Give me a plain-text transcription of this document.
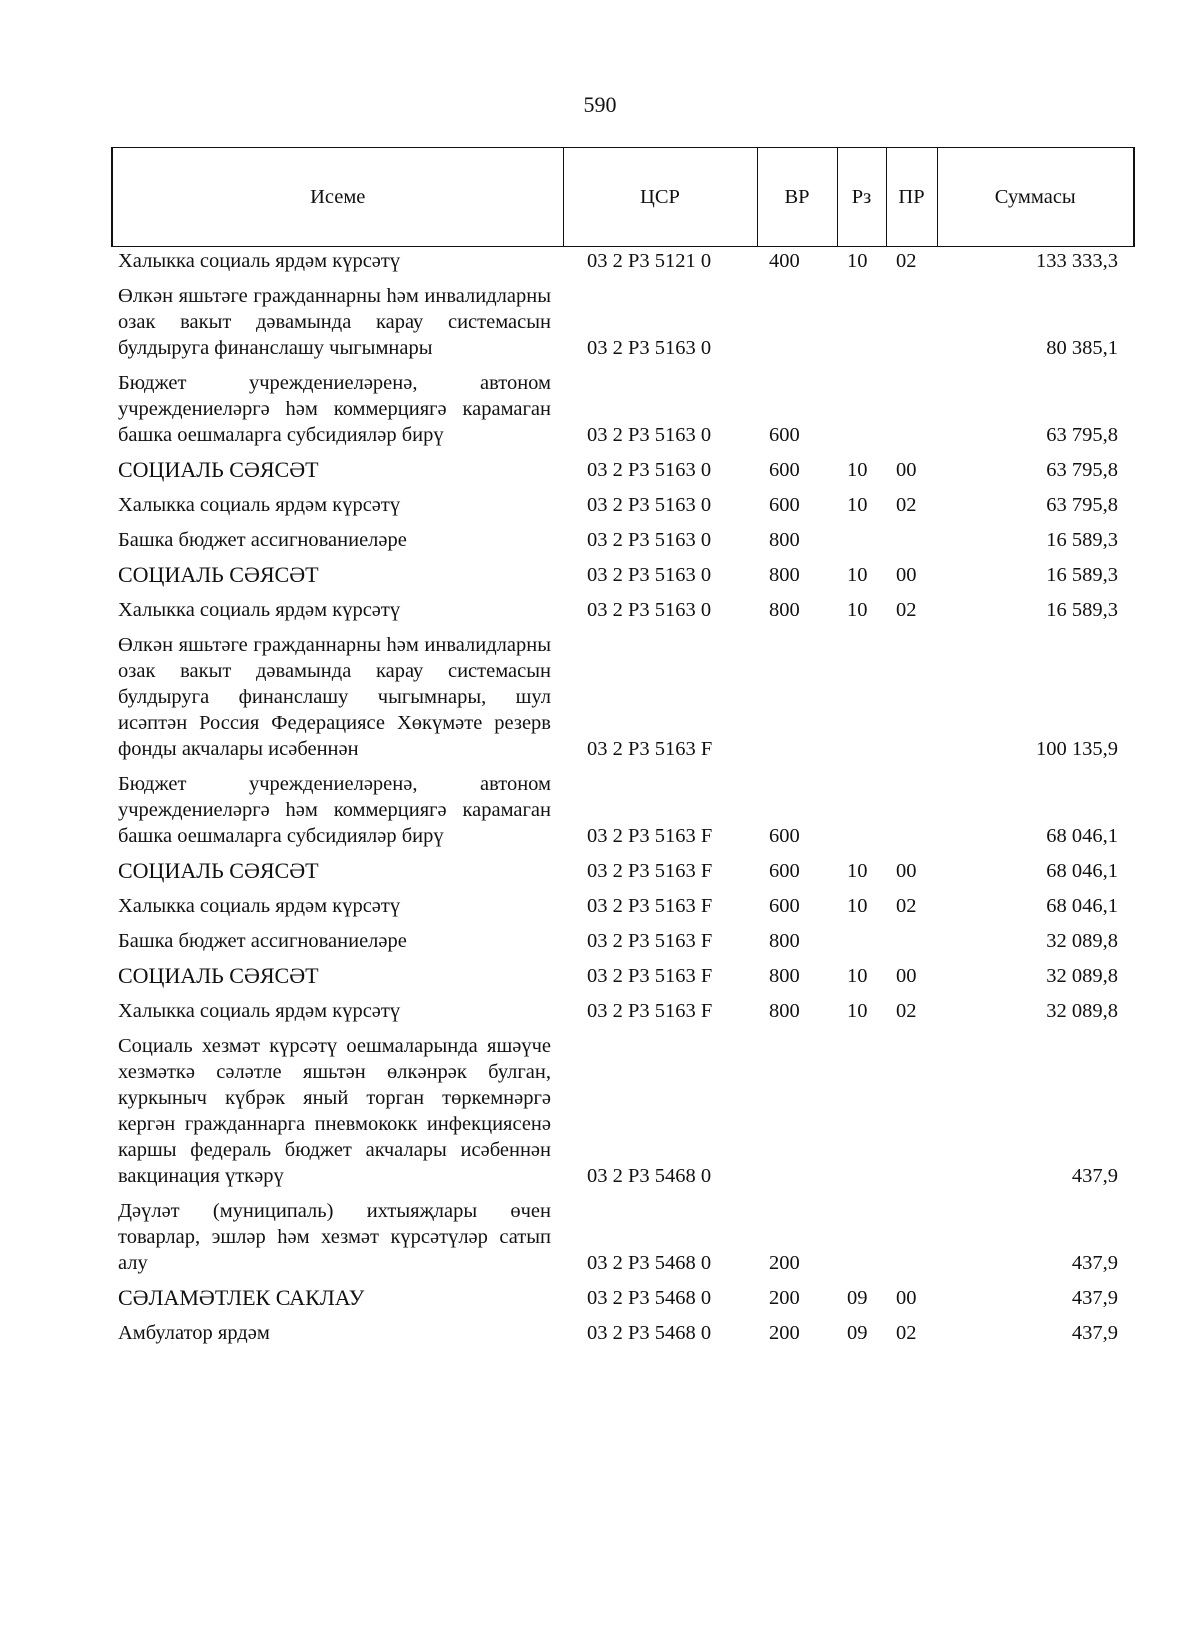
590
Исеме	ЦСР	ВР	Рз	ПР	Суммасы
Халыкка социаль ярдәм күрсәтү	03 2 Р3 5121 0	400	10	02	133 333,3
Өлкән яшьтәге гражданнарны һәм инвалидларны озак вакыт дәвамында карау системасын булдыруга финанслашу чыгымнары	03 2 Р3 5163 0				80 385,1
Бюджет учреждениеләренә, автоном учреждениеләргә һәм коммерциягә карамаган башка оешмаларга субсидияләр бирү	03 2 Р3 5163 0	600			63 795,8
СОЦИАЛЬ СӘЯСӘТ	03 2 Р3 5163 0	600	10	00	63 795,8
Халыкка социаль ярдәм күрсәтү	03 2 Р3 5163 0	600	10	02	63 795,8
Башка бюджет ассигнованиеләре	03 2 Р3 5163 0	800			16 589,3
СОЦИАЛЬ СӘЯСӘТ	03 2 Р3 5163 0	800	10	00	16 589,3
Халыкка социаль ярдәм күрсәтү	03 2 Р3 5163 0	800	10	02	16 589,3
Өлкән яшьтәге гражданнарны һәм инвалидларны озак вакыт дәвамында карау системасын булдыруга финанслашу чыгымнары, шул исәптән Россия Федерациясе Хөкүмәте резерв фонды акчалары исәбеннән	03 2 Р3 5163 F				100 135,9
Бюджет учреждениеләренә, автоном учреждениеләргә һәм коммерциягә карамаган башка оешмаларга субсидияләр бирү	03 2 Р3 5163 F	600			68 046,1
СОЦИАЛЬ СӘЯСӘТ	03 2 Р3 5163 F	600	10	00	68 046,1
Халыкка социаль ярдәм күрсәтү	03 2 Р3 5163 F	600	10	02	68 046,1
Башка бюджет ассигнованиеләре	03 2 Р3 5163 F	800			32 089,8
СОЦИАЛЬ СӘЯСӘТ	03 2 Р3 5163 F	800	10	00	32 089,8
Халыкка социаль ярдәм күрсәтү	03 2 Р3 5163 F	800	10	02	32 089,8
Социаль хезмәт күрсәтү оешмаларында яшәүче хезмәткә сәләтле яшьтән өлкәнрәк булган, куркыныч күбрәк яный торган төркемнәргә кергән гражданнарга пневмококк инфекциясенә каршы федераль бюджет акчалары исәбеннән вакцинация үткәрү	03 2 Р3 5468 0				437,9
Дәүләт (муниципаль) ихтыяҗлары өчен товарлар, эшләр һәм хезмәт күрсәтүләр сатып алу	03 2 Р3 5468 0	200			437,9
СӘЛАМӘТЛЕК САКЛАУ	03 2 Р3 5468 0	200	09	00	437,9
Амбулатор ярдәм	03 2 Р3 5468 0	200	09	02	437,9
